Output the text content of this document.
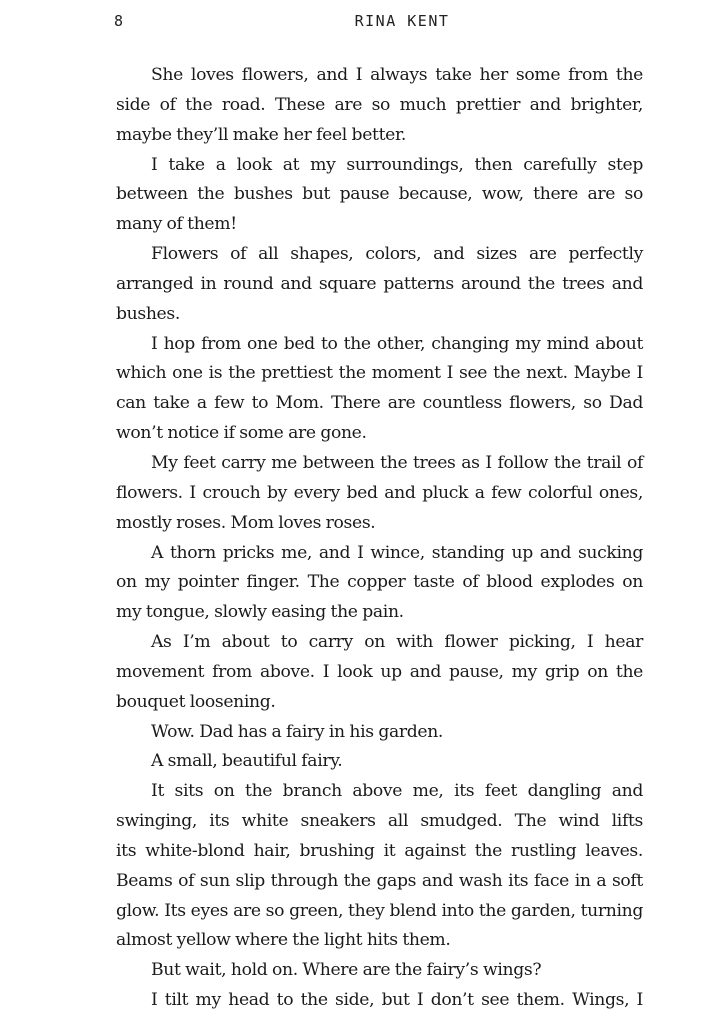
8	RINA KENT
She loves flowers, and I always take her some from the
side of the road. These are so much prettier and brighter,
maybe they’ll make her feel better.
I take a look at my surroundings, then carefully step
between the bushes but pause because, wow, there are so
many of them!
Flowers of all shapes, colors, and sizes are perfectly
arranged in round and square patterns around the trees and
bushes.
I hop from one bed to the other, changing my mind about
which one is the prettiest the moment I see the next. Maybe I
can take a few to Mom. There are countless flowers, so Dad
won’t notice if some are gone.
My feet carry me between the trees as I follow the trail of
flowers. I crouch by every bed and pluck a few colorful ones,
mostly roses. Mom loves roses.
A thorn pricks me, and I wince, standing up and sucking
on my pointer finger. The copper taste of blood explodes on
my tongue, slowly easing the pain.
As I’m about to carry on with flower picking, I hear
movement from above. I look up and pause, my grip on the
bouquet loosening.
Wow. Dad has a fairy in his garden.
A small, beautiful fairy.
It sits on the branch above me, its feet dangling and
swinging, its white sneakers all smudged. The wind lifts
its white-blond hair, brushing it against the rustling leaves.
Beams of sun slip through the gaps and wash its face in a soft
glow. Its eyes are so green, they blend into the garden, turning
almost yellow where the light hits them.
But wait, hold on. Where are the fairy’s wings?
I tilt my head to the side, but I don’t see them. Wings, I
